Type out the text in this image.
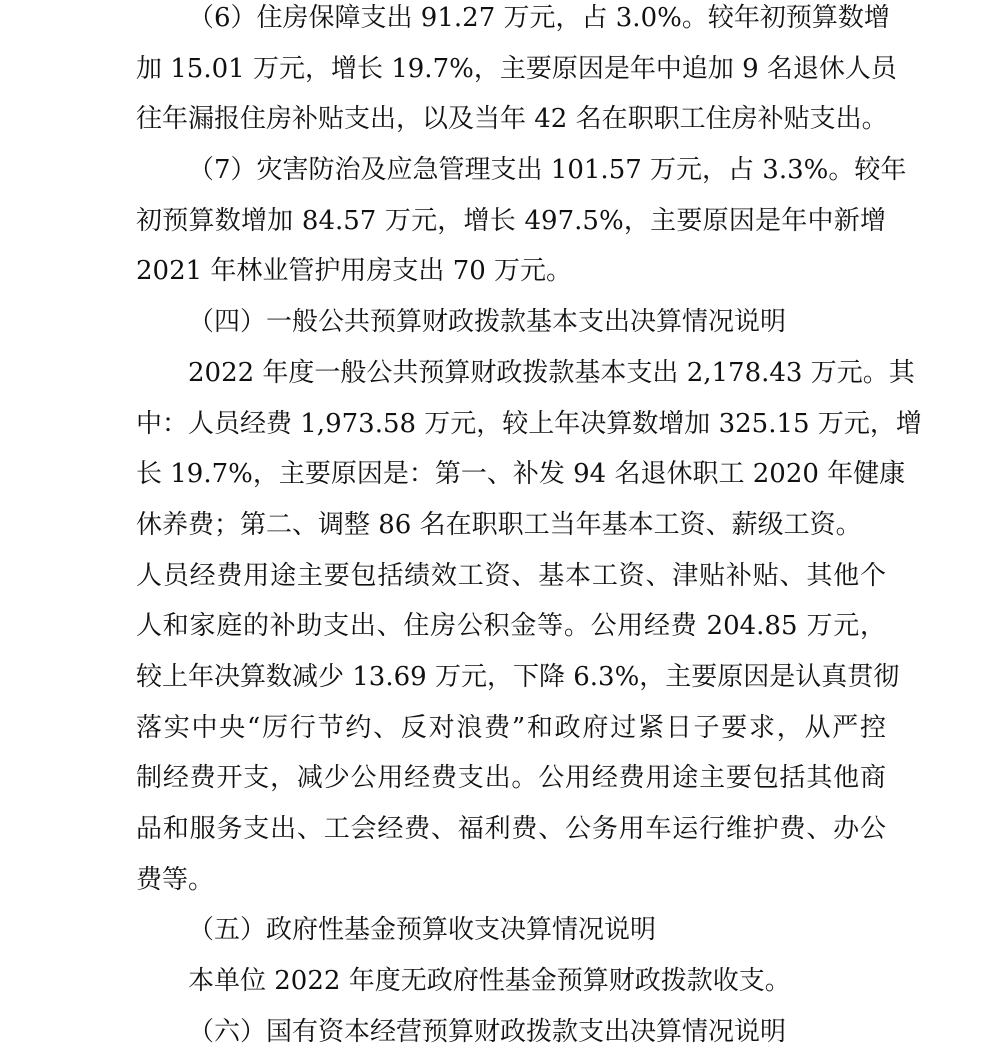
（6）住房保障支出 91.27 万元，占 3.0%。较年初预算数增
加 15.01 万元，增长 19.7%，主要原因是年中追加 9 名退休人员
往年漏报住房补贴支出，以及当年 42 名在职职工住房补贴支出。
（7）灾害防治及应急管理支出 101.57 万元，占 3.3%。较年
初预算数增加 84.57 万元，增长 497.5%，主要原因是年中新增
2021 年林业管护用房支出 70 万元。
（四）一般公共预算财政拨款基本支出决算情况说明
2022 年度一般公共预算财政拨款基本支出 2,178.43 万元。其
中：人员经费 1,973.58 万元，较上年决算数增加 325.15 万元，增
长 19.7%，主要原因是：第一、补发 94 名退休职工 2020 年健康
休养费；第二、调整 86 名在职职工当年基本工资、薪级工资。
人员经费用途主要包括绩效工资、基本工资、津贴补贴、其他个
人和家庭的补助支出、住房公积金等。公用经费 204.85 万元，
较上年决算数减少 13.69 万元，下降 6.3%，主要原因是认真贯彻
落实中央“厉行节约、反对浪费”和政府过紧日子要求，从严控
制经费开支，减少公用经费支出。公用经费用途主要包括其他商
品和服务支出、工会经费、福利费、公务用车运行维护费、办公
费等。
（五）政府性基金预算收支决算情况说明
本单位 2022 年度无政府性基金预算财政拨款收支。
（六）国有资本经营预算财政拨款支出决算情况说明
